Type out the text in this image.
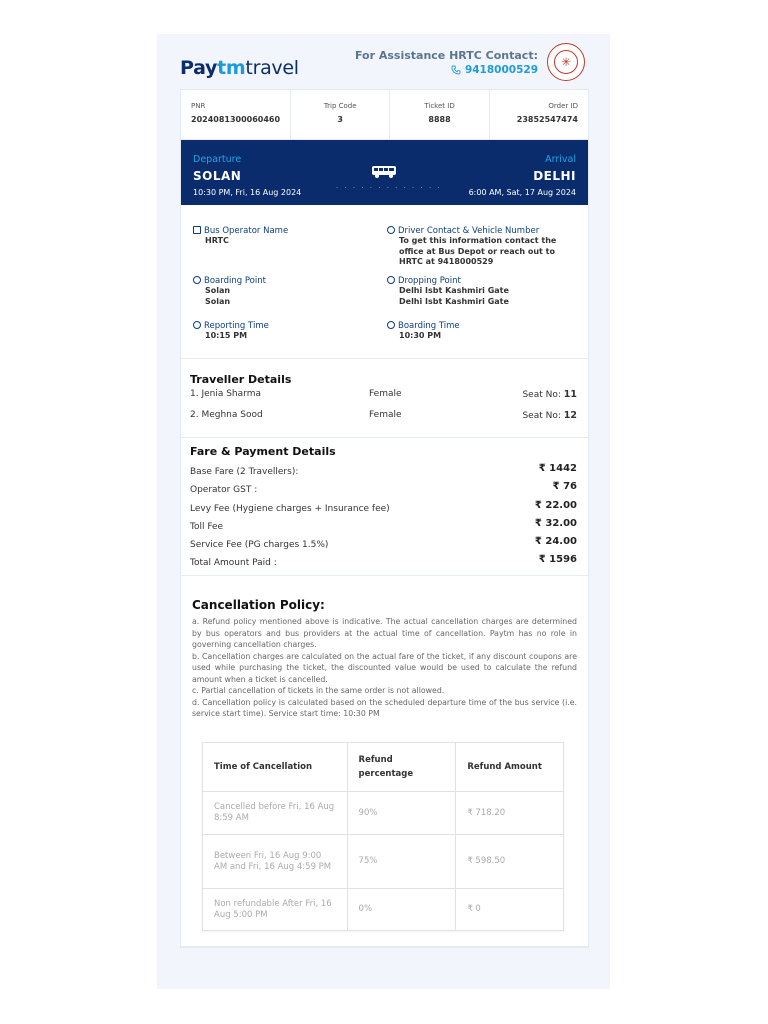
Paytmtravel
For Assistance HRTC Contact:
9418000529
✳
PNR
2024081300060460
Trip Code
3
Ticket ID
8888
Order ID
23852547474
Departure
SOLAN
10:30 PM, Fri, 16 Aug 2024	· · · · · · · · · · · · ·
Arrival
DELHI
6:00 AM, Sat, 17 Aug 2024
Bus Operator Name
HRTC
Driver Contact & Vehicle Number
To get this information contact the office at Bus Depot or reach out to HRTC at 9418000529
Boarding Point
Solan
Solan
Dropping Point
Delhi Isbt Kashmiri Gate
Delhi Isbt Kashmiri Gate
Reporting Time
10:15 PM
Boarding Time
10:30 PM
Traveller Details
1. Jenia Sharma	Female	Seat No: 11
2. Meghna Sood	Female	Seat No: 12
Fare & Payment Details
Base Fare (2 Travellers):	₹ 1442
Operator GST :	₹ 76
Levy Fee (Hygiene charges + Insurance fee)	₹ 22.00
Toll Fee	₹ 32.00
Service Fee (PG charges 1.5%)	₹ 24.00
Total Amount Paid :	₹ 1596
Cancellation Policy:
a. Refund policy mentioned above is indicative. The actual cancellation charges are determined by bus operators and bus providers at the actual time of cancellation. Paytm has no role in governing cancellation charges.
b. Cancellation charges are calculated on the actual fare of the ticket, if any discount coupons are used while purchasing the ticket, the discounted value would be used to calculate the refund amount when a ticket is cancelled.
c. Partial cancellation of tickets in the same order is not allowed.
d. Cancellation policy is calculated based on the scheduled departure time of the bus service (i.e. service start time). Service start time: 10:30 PM
Time of Cancellation	Refund percentage	Refund Amount
Cancelled before Fri, 16 Aug 8:59 AM	90%	₹ 718.20
Between Fri, 16 Aug 9:00 AM and Fri, 16 Aug 4:59 PM	75%	₹ 598.50
Non refundable After Fri, 16 Aug 5:00 PM	0%	₹ 0
